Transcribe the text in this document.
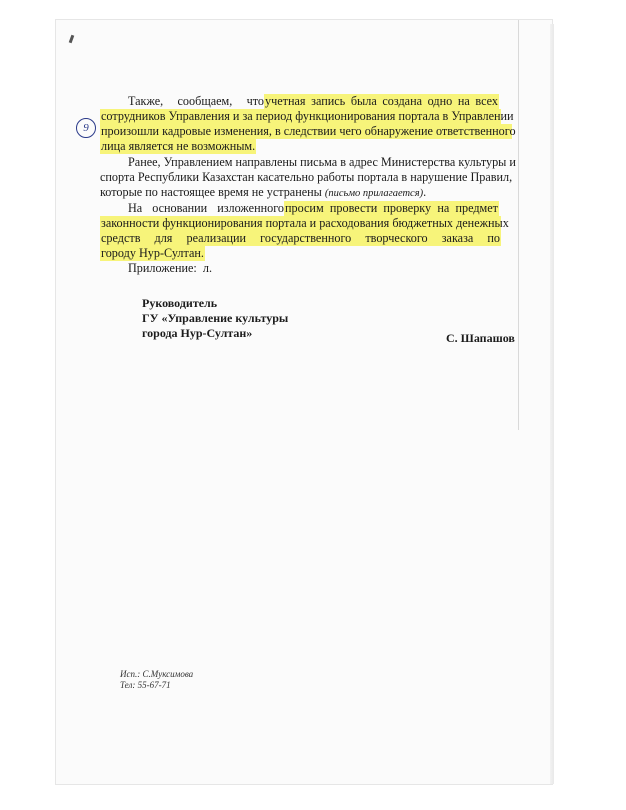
Также, сообщаем, чтоучетная запись была создана одно на всех
сотрудников Управления и за период функционирования портала в Управлении
произошли кадровые изменения, в следствии чего обнаружение ответственного
лица является не возможным.
9
Ранее, Управлением направлены письма в адрес Министерства культуры и
спорта Республики Казахстан касательно работы портала в нарушение Правил,
которые по настоящее время не устранены (письмо прилагается).
На основании изложенногопросим провести проверку на предмет
законности функционирования портала и расходования бюджетных денежных
средств для реализации государственного творческого заказа по
городу Нур-Султан.
Приложение:  л.
Руководитель
ГУ «Управление культуры
города Нур-Султан»	С. Шапашов
Исп.: С.Муксимова
Тел: 55-67-71
